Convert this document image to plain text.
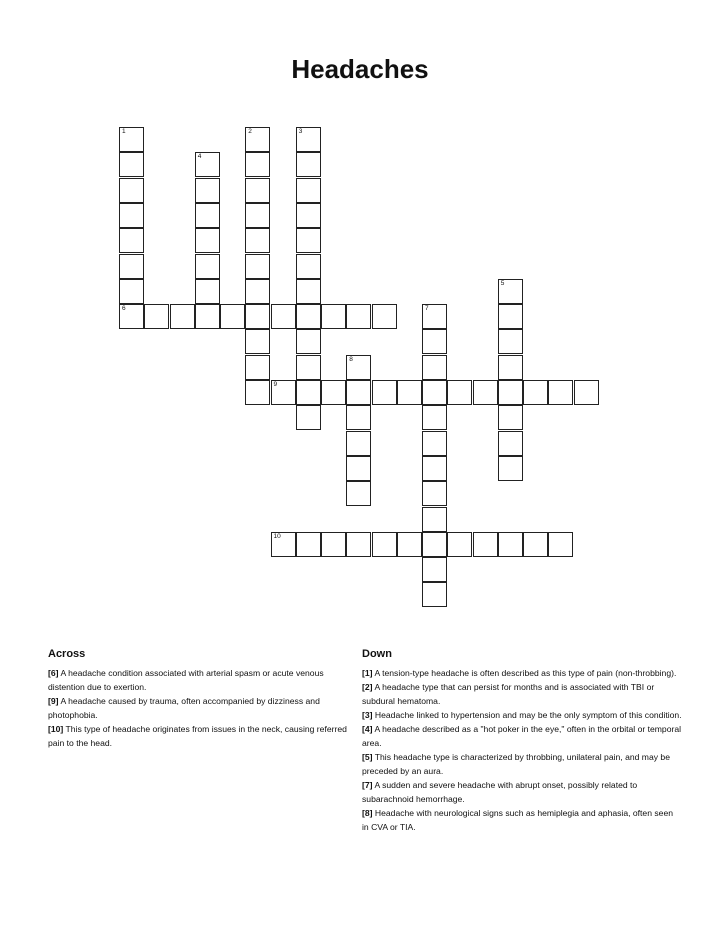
Headaches
1
6
2	3
4
5
7
8
9
10
Across

[6] A headache condition associated with arterial spasm or acute venous distention due to exertion.

[9] A headache caused by trauma, often accompanied by dizziness and photophobia.

[10] This type of headache originates from issues in the neck, causing referred pain to the head.

Down

[1] A tension-type headache is often described as this type of pain (non-throbbing).

[2] A headache type that can persist for months and is associated with TBI or subdural hematoma.

[3] Headache linked to hypertension and may be the only symptom of this condition.

[4] A headache described as a "hot poker in the eye," often in the orbital or temporal area.

[5] This headache type is characterized by throbbing, unilateral pain, and may be preceded by an aura.

[7] A sudden and severe headache with abrupt onset, possibly related to subarachnoid hemorrhage.

[8] Headache with neurological signs such as hemiplegia and aphasia, often seen in CVA or TIA.
